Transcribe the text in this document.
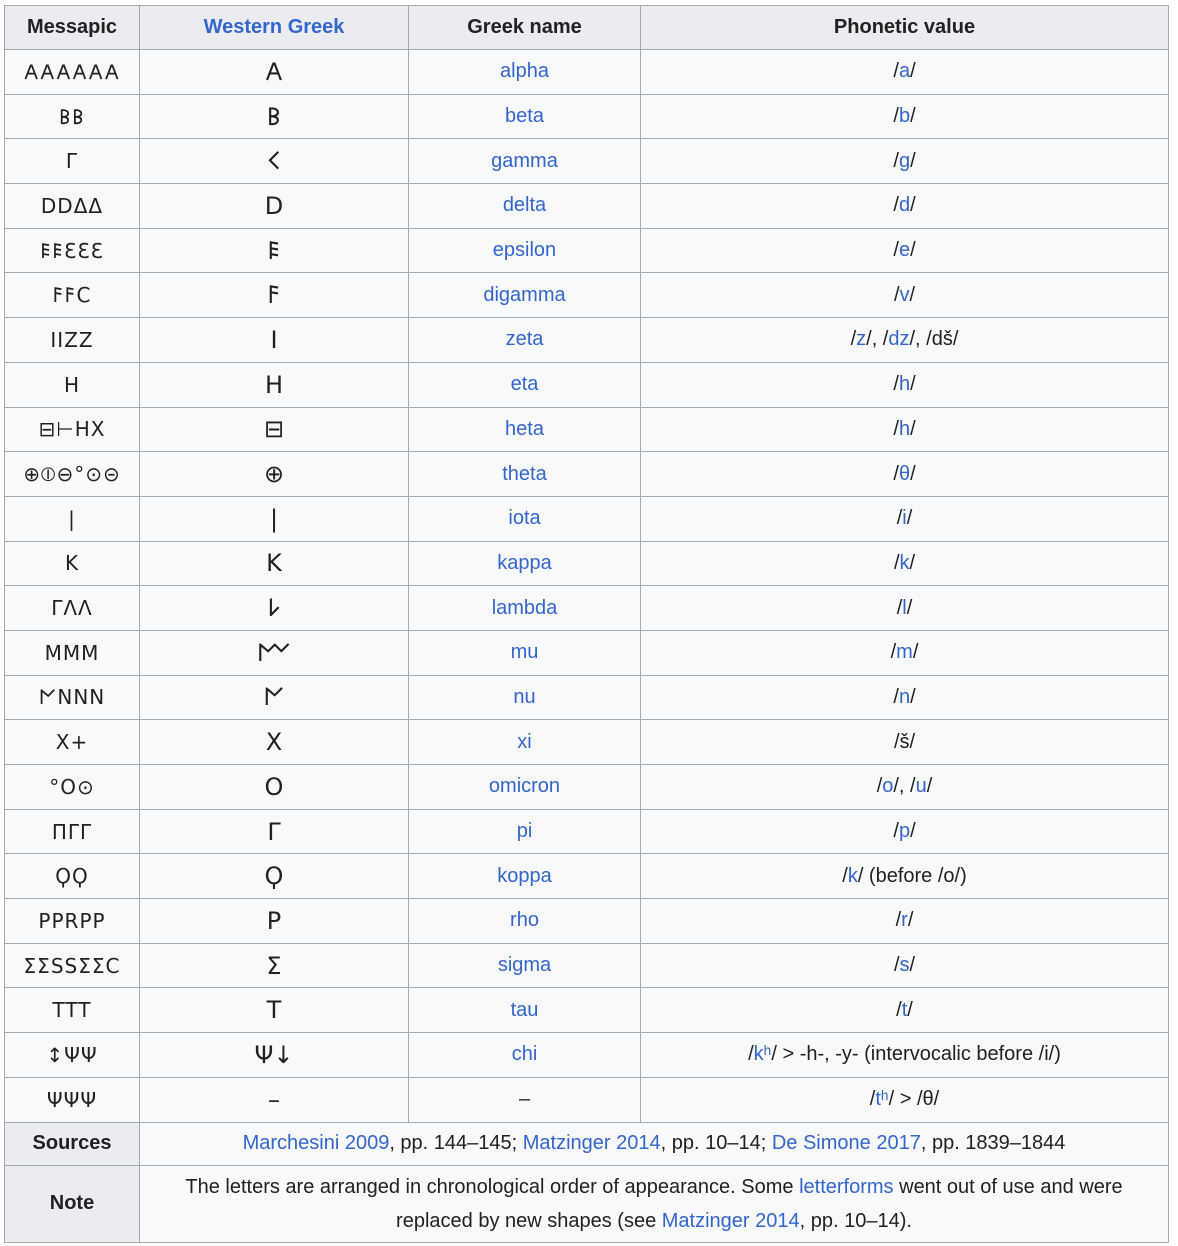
Messapic	Western Greek	Greek name	Phonetic value
𐌀𐌀𐌀𐌀𐌀𐌀	𐌀	alpha	/a/
𐌁𐌁	𐌁	beta	/b/
Γ	𐌂	gamma	/g/
DDΔΔ	D	delta	/d/
𐌄𐌄ƐƐƐ	𐌄	epsilon	/e/
𐌅𐌅Ϲ	𐌅	digamma	/v/
IIZZ	I	zeta	/z/, /dz/, /dš/
H	H	eta	/h/
⊟⊢HX	⊟	heta	/h/
⊕⦶⊖°⊙⊝	⊕	theta	/θ/
|	|	iota	/i/
K	K	kappa	/k/
ΓΛΛ	𐌋	lambda	/l/
MMM	𐌌	mu	/m/
𐌍NNN	𐌍	nu	/n/
X+	X	xi	/š/
°O⊙	O	omicron	/o/, /u/
ΠΓΓ	Γ	pi	/p/
ϘϘ	Ϙ	koppa	/k/ (before /o/)
PPRPP	P	rho	/r/
ƩƩSSΣΣC	Ʃ	sigma	/s/
TTT	T	tau	/t/
↕ΨΨ	Ψ↓	chi	/kʰ/ > -h-, -y- (intervocalic before /i/)
ΨΨΨ	–	–	/tʰ/ > /θ/
Sources	Marchesini 2009, pp. 144–145; Matzinger 2014, pp. 10–14; De Simone 2017, pp. 1839–1844		
Note	The letters are arranged in chronological order of appearance. Some letterforms went out of use and were replaced by new shapes (see Matzinger 2014, pp. 10–14).		
